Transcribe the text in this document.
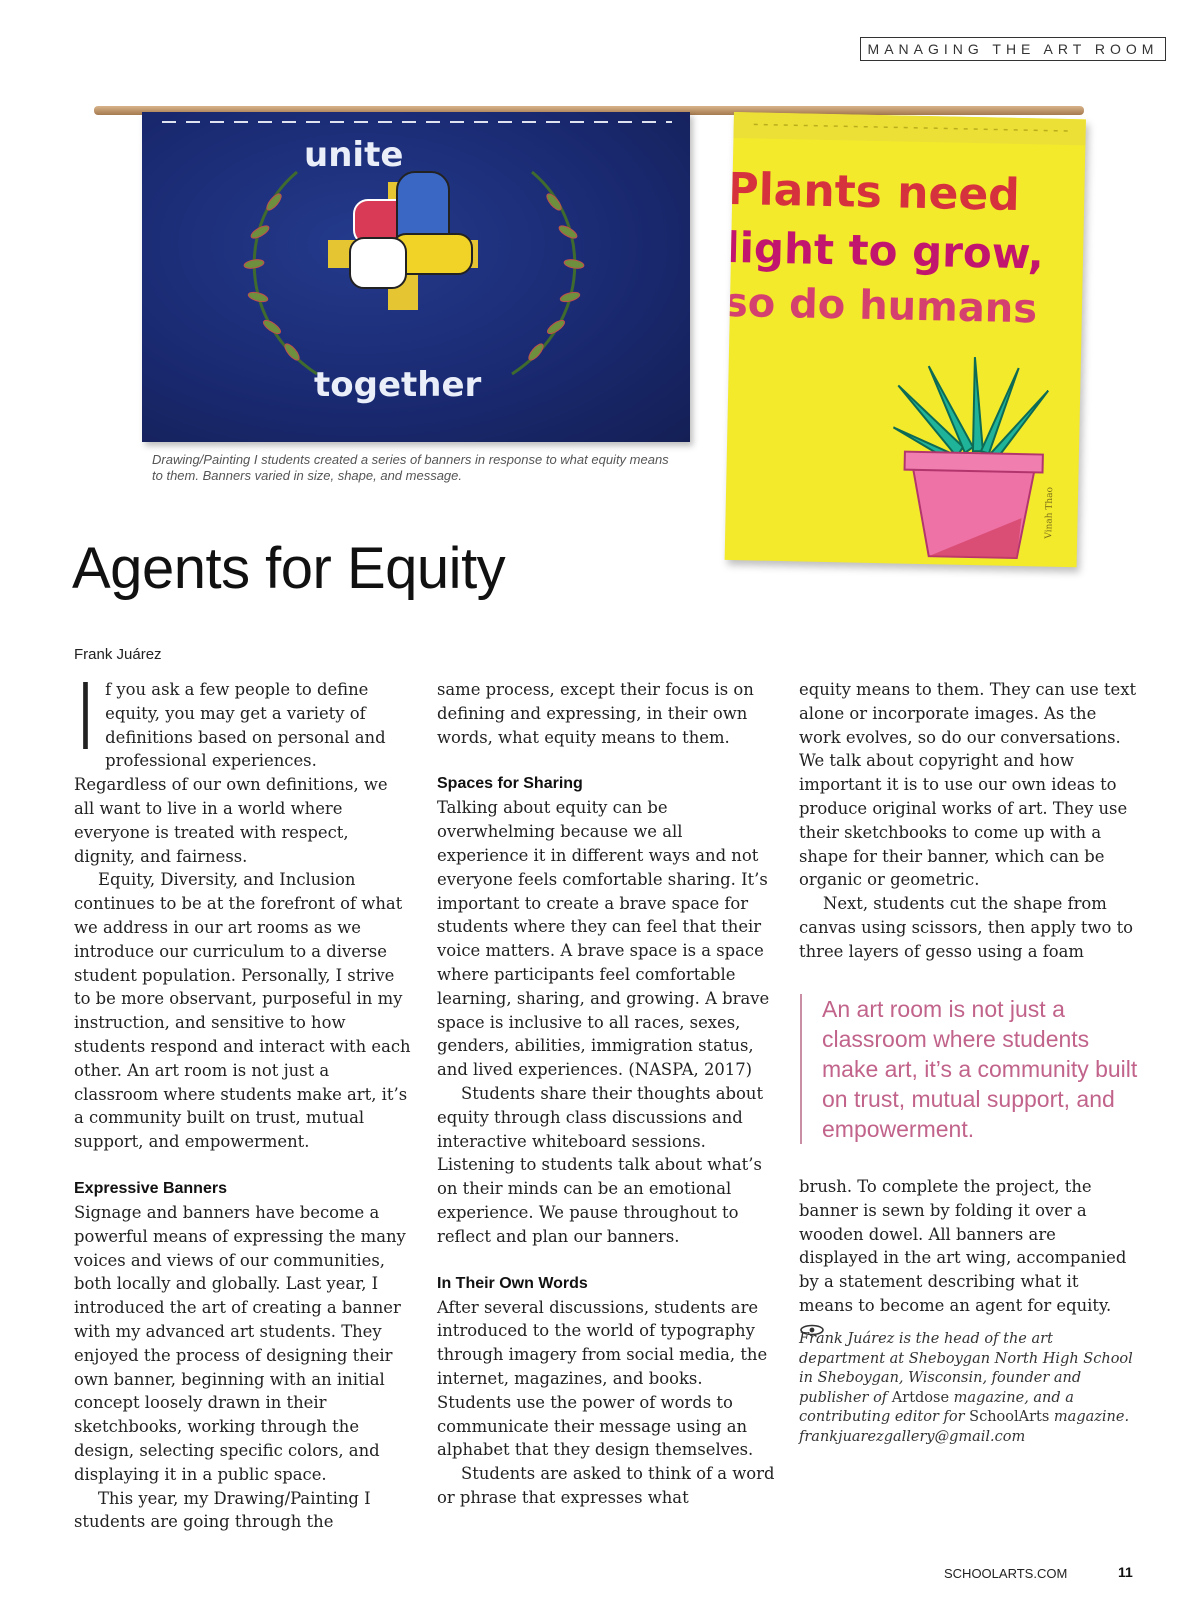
MANAGING THE ART ROOM
unite
together
Plants need
light to grow,
so do humans
Vinah Thao
Drawing/Painting I students created a series of banners in response to what equity means to them. Banners varied in size, shape, and message.
Agents for Equity
Frank Juárez

If you ask a few people to define equity, you may get a variety of definitions based on personal and professional experiences. Regardless of our own definitions, we all want to live in a world where everyone is treated with respect, dignity, and fairness.

Equity, Diversity, and Inclusion continues to be at the forefront of what we address in our art rooms as we introduce our curriculum to a diverse student population. Personally, I strive to be more observant, purposeful in my instruction, and sensitive to how students respond and interact with each other. An art room is not just a classroom where students make art, it’s a community built on trust, mutual support, and empowerment.

Expressive Banners

Signage and banners have become a powerful means of expressing the many voices and views of our communities, both locally and globally. Last year, I introduced the art of creating a banner with my advanced art students. They enjoyed the process of designing their own banner, beginning with an initial concept loosely drawn in their sketchbooks, working through the design, selecting specific colors, and displaying it in a public space.

This year, my Drawing/Painting I students are going through the

same process, except their focus is on defining and expressing, in their own words, what equity means to them.

Spaces for Sharing

Talking about equity can be overwhelming because we all experience it in different ways and not everyone feels comfortable sharing. It’s important to create a brave space for students where they can feel that their voice matters. A brave space is a space where participants feel comfortable learning, sharing, and growing. A brave space is inclusive to all races, sexes, genders, abilities, immigration status, and lived experiences. (NASPA, 2017)

Students share their thoughts about equity through class discussions and interactive whiteboard sessions. Listening to students talk about what’s on their minds can be an emotional experience. We pause throughout to reflect and plan our banners.

In Their Own Words

After several discussions, students are introduced to the world of typography through imagery from social media, the internet, magazines, and books. Students use the power of words to communicate their message using an alphabet that they design themselves.

Students are asked to think of a word or phrase that expresses what

equity means to them. They can use text alone or incorporate images. As the work evolves, so do our conversations. We talk about copyright and how important it is to use our own ideas to produce original works of art. They use their sketchbooks to come up with a shape for their banner, which can be organic or geometric.

Next, students cut the shape from canvas using scissors, then apply two to three layers of gesso using a foam

An art room is not just a classroom where students make art, it’s a community built on trust, mutual support, and empowerment.

brush. To complete the project, the banner is sewn by folding it over a wooden dowel. All banners are displayed in the art wing, accompanied by a statement describing what it means to become an agent for equity.

Frank Juárez is the head of the art department at Sheboygan North High School in Sheboygan, Wisconsin, founder and publisher of Artdose magazine, and a contributing editor for SchoolArts magazine.
frankjuarezgallery@gmail.com
SCHOOLARTS.COM	11
